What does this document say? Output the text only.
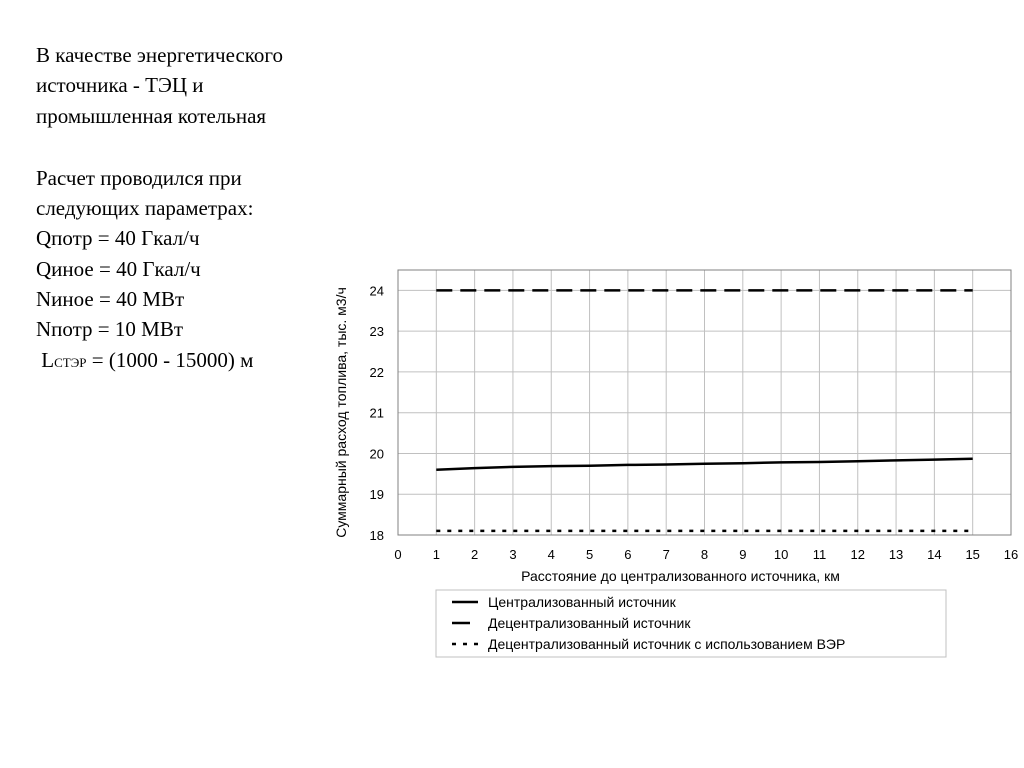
В качестве энергетического
источника - ТЭЦ и
промышленная котельная
Расчет проводился при
следующих параметрах:
Qпотр = 40 Гкал/ч
Qиное = 40 Гкал/ч
Nиное = 40 МВт
Nпотр = 10 МВт
LСТЭР = (1000 - 15000) м
0 1 2 3 4 5 6 7 8 9 10 11 12 13 14 15 16
18
19
20
21
22
23
24
Суммарный расход топлива, тыс. м3/ч
Расстояние до централизованного источника, км
Централизованный источник
Децентрализованный источник
Децентрализованный источник с использованием ВЭР
